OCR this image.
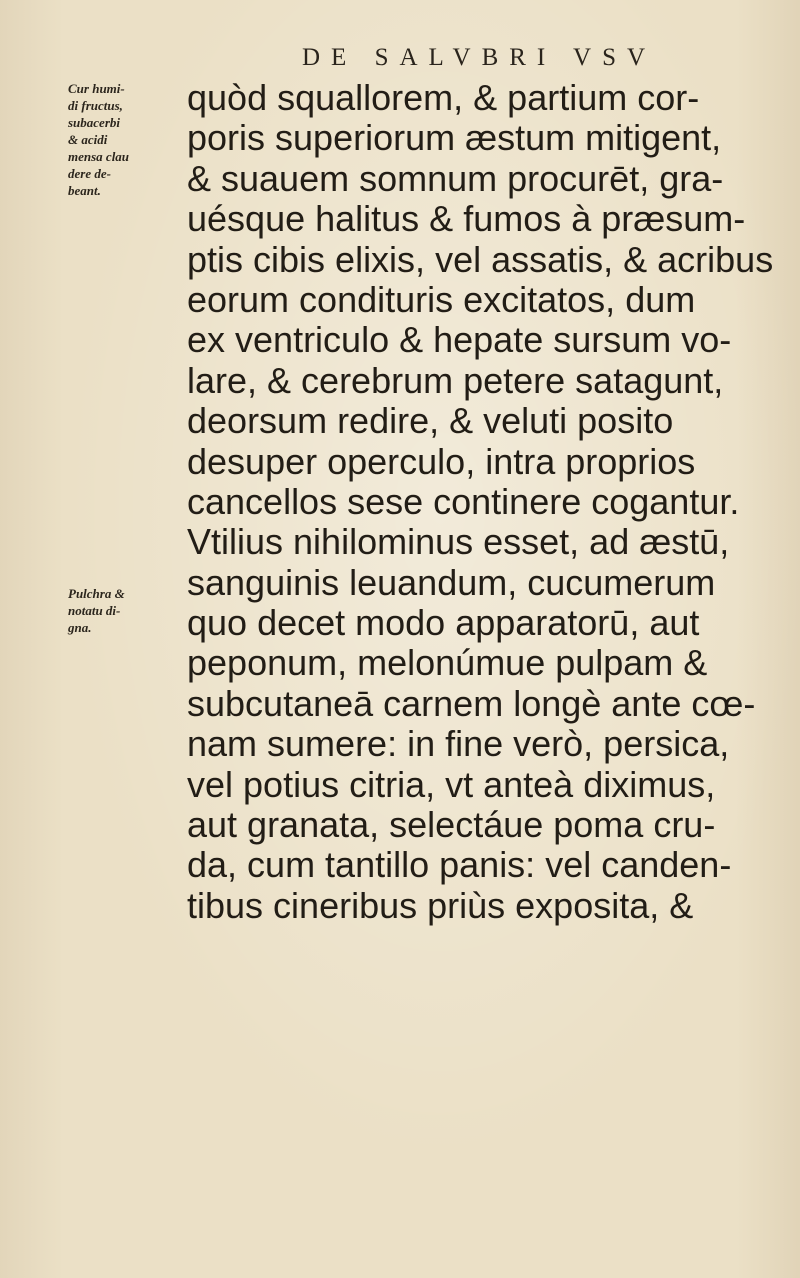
DE SALVBRI VSV
Cur humi-
di fructus,
subacerbi
& acidi
mensa clau
dere de-
beant.
Pulchra &
notatu di-
gna.
quòd squallorem, & partium cor-
poris superiorum æstum mitigent,
& suauem somnum procurēt, gra-
uésque halitus & fumos à præsum-
ptis cibis elixis, vel assatis, & acribus
eorum condituris excitatos, dum
ex ventriculo & hepate sursum vo-
lare, & cerebrum petere satagunt,
deorsum redire, & veluti posito
desuper operculo, intra proprios
cancellos sese continere cogantur.
Vtilius nihilominus esset, ad æstū,
sanguinis leuandum, cucumerum
quo decet modo apparatorū, aut
peponum, melonúmue pulpam &
subcutaneā carnem longè ante cœ-
nam sumere: in fine verò, persica,
vel potius citria, vt anteà diximus,
aut granata, selectáue poma cru-
da, cum tantillo panis: vel canden-
tibus cineribus priùs exposita, &
